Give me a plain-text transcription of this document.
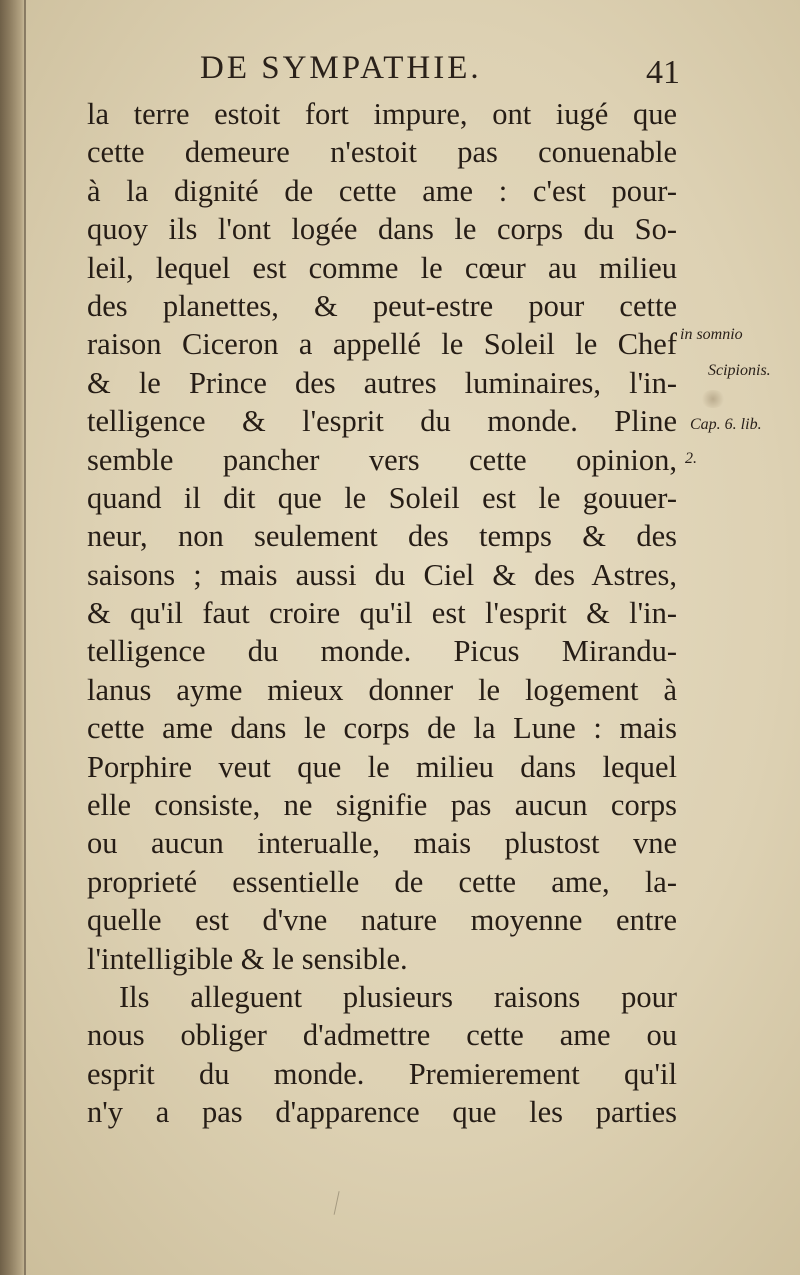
DE SYMPATHIE.	41
la terre estoit fort impure, ont iugé que
cette demeure n'estoit pas conuenable
à la dignité de cette ame : c'est pour-
quoy ils l'ont logée dans le corps du So-
leil, lequel est comme le cœur au milieu
des planettes, & peut-estre pour cette
raison Ciceron a appellé le Soleil le Chef
& le Prince des autres luminaires, l'in-
telligence & l'esprit du monde. Pline
semble pancher vers cette opinion,
quand il dit que le Soleil est le gouuer-
neur, non seulement des temps & des
saisons ; mais aussi du Ciel & des Astres,
& qu'il faut croire qu'il est l'esprit & l'in-
telligence du monde. Picus Mirandu-
lanus ayme mieux donner le logement à
cette ame dans le corps de la Lune : mais
Porphire veut que le milieu dans lequel
elle consiste, ne signifie pas aucun corps
ou aucun interualle, mais plustost vne
proprieté essentielle de cette ame, la-
quelle est d'vne nature moyenne entre
l'intelligible & le sensible.
Ils alleguent plusieurs raisons pour
nous obliger d'admettre cette ame ou
esprit du monde. Premierement qu'il
n'y a pas d'apparence que les parties
in somnio
Scipionis.
Cap. 6. lib.
2.
